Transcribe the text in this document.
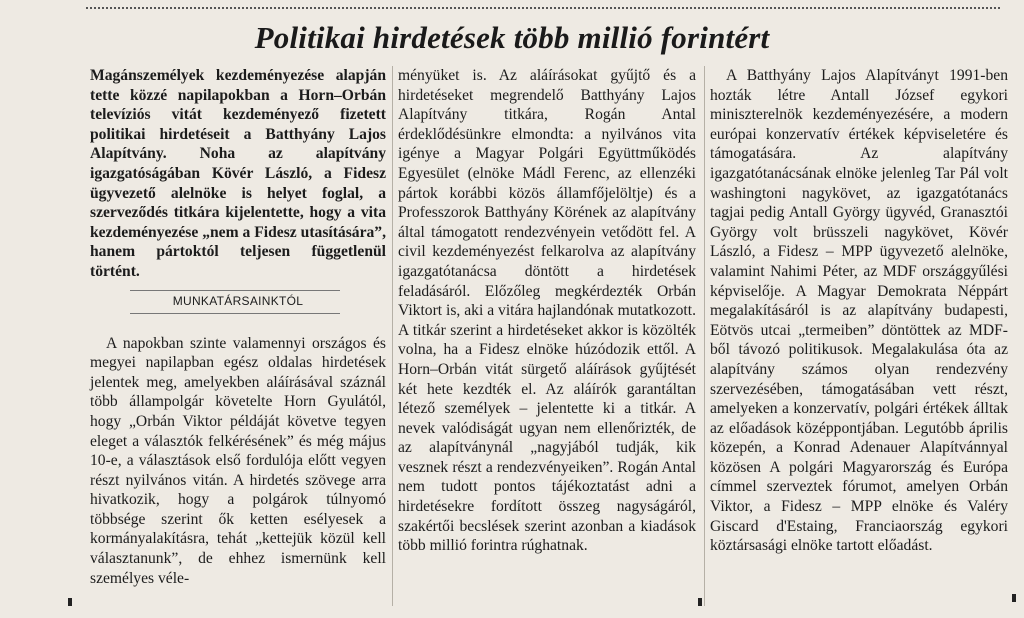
Politikai hirdetések több millió forintért

Magánszemélyek kezdeményezése alapján tette közzé napilapokban a Horn–Orbán televíziós vitát kezdeményező fizetett politikai hirdetéseit a Batthyány Lajos Alapítvány. Noha az alapítvány igazgatóságában Kövér László, a Fidesz ügyvezető alelnöke is helyet foglal, a szerveződés titkára kijelentette, hogy a vita kezdeményezése „nem a Fidesz utasítására”, hanem pártoktól teljesen függetlenül történt.

MUNKATÁRSAINKTÓL

A napokban szinte valamennyi országos és megyei napilapban egész oldalas hirdetések jelentek meg, amelyekben aláírásával száznál több állampolgár követelte Horn Gyulától, hogy „Orbán Viktor példáját követve tegyen eleget a választók felkérésének” és még május 10-e, a választások első fordulója előtt vegyen részt nyilvános vitán. A hirdetés szövege arra hivatkozik, hogy a polgárok túlnyomó többsége szerint ők ketten esélyesek a kormányalakításra, tehát „kettejük közül kell választanunk”, de ehhez ismernünk kell személyes véle-

ményüket is. Az aláírásokat gyűjtő és a hirdetéseket megrendelő Batthyány Lajos Alapítvány titkára, Rogán Antal érdeklődésünkre elmondta: a nyilvános vita igénye a Magyar Polgári Együttműködés Egyesület (elnöke Mádl Ferenc, az ellenzéki pártok korábbi közös államfőjelöltje) és a Professzorok Batthyány Körének az alapítvány által támogatott rendezvényein vetődött fel. A civil kezdeményezést felkarolva az alapítvány igazgatótanácsa döntött a hirdetések feladásáról. Előzőleg megkérdezték Orbán Viktort is, aki a vitára hajlandónak mutatkozott. A titkár szerint a hirdetéseket akkor is közölték volna, ha a Fidesz elnöke húzódozik ettől. A Horn–Orbán vitát sürgető aláírások gyűjtését két hete kezdték el. Az aláírók garantáltan létező személyek – jelentette ki a titkár. A nevek valódiságát ugyan nem ellenőrizték, de az alapítványnál „nagyjából tudják, kik vesznek részt a rendezvényeiken”. Rogán Antal nem tudott pontos tájékoztatást adni a hirdetésekre fordított összeg nagyságáról, szakértői becslések szerint azonban a kiadások több millió forintra rúghatnak.

A Batthyány Lajos Alapítványt 1991-ben hozták létre Antall József egykori miniszterelnök kezdeményezésére, a modern európai konzervatív értékek képviseletére és támogatására. Az alapítvány igazgatótanácsának elnöke jelenleg Tar Pál volt washingtoni nagykövet, az igazgatótanács tagjai pedig Antall György ügyvéd, Granasztói György volt brüsszeli nagykövet, Kövér László, a Fidesz – MPP ügyvezető alelnöke, valamint Nahimi Péter, az MDF országgyűlési képviselője. A Magyar Demokrata Néppárt megalakításáról is az alapítvány budapesti, Eötvös utcai „termeiben” döntöttek az MDF-ből távozó politikusok. Megalakulása óta az alapítvány számos olyan rendezvény szervezésében, támogatásában vett részt, amelyeken a konzervatív, polgári értékek álltak az előadások középpontjában. Legutóbb április közepén, a Konrad Adenauer Alapítvánnyal közösen A polgári Magyarország és Európa címmel szerveztek fórumot, amelyen Orbán Viktor, a Fidesz – MPP elnöke és Valéry Giscard d'Estaing, Franciaország egykori köztársasági elnöke tartott előadást.
